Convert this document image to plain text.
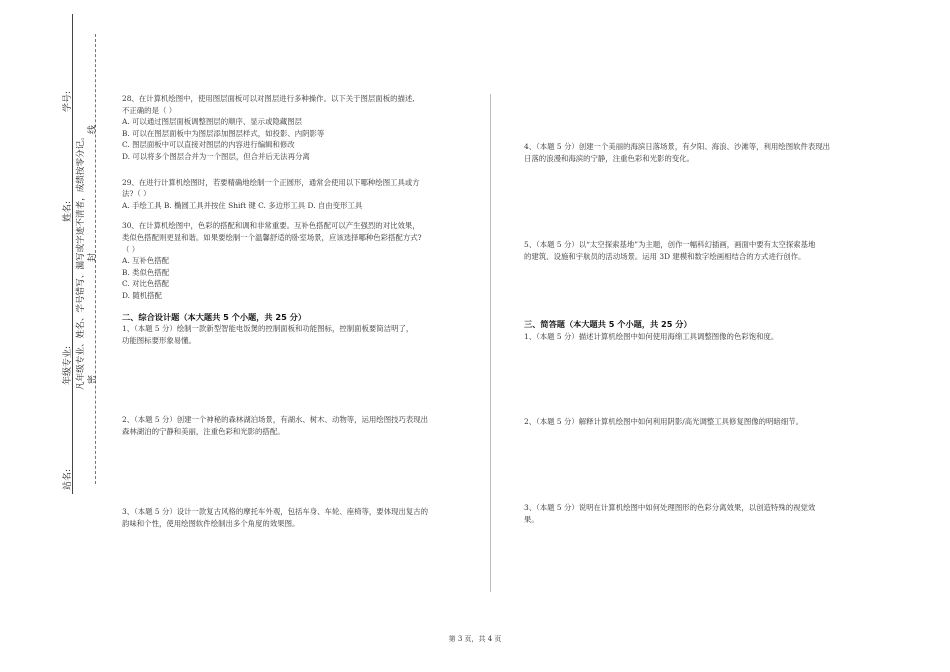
学号:
姓名:
年级专业:
站名:
凡年级专业、姓名、学号错写、漏写或字迹不清者，成绩按零分记。 封
线
密

28、在计算机绘图中，使用图层面板可以对图层进行多种操作。以下关于图层面板的描述,

不正确的是（ ）

A. 可以通过图层面板调整图层的顺序、显示或隐藏图层

B. 可以在图层面板中为图层添加图层样式，如投影、内阴影等

C. 图层面板中可以直接对图层的内容进行编辑和修改

D. 可以将多个图层合并为一个图层，但合并后无法再分离

29、在进行计算机绘图时，若要精确地绘制一个正圆形，通常会使用以下哪种绘图工具或方

法?（ ）

A. 手绘工具 B. 椭圆工具并按住 Shift 键 C. 多边形工具 D. 自由变形工具

30、在计算机绘图中，色彩的搭配和调和非常重要。互补色搭配可以产生强烈的对比效果，

类似色搭配则更显和谐。如果要绘制一个温馨舒适的卧室场景，应该选择哪种色彩搭配方式?

（ ）

A. 互补色搭配

B. 类似色搭配

C. 对比色搭配

D. 随机搭配

二、综合设计题（本大题共 5 个小题，共 25 分）

1、（本题 5 分）绘制一款新型智能电饭煲的控制面板和功能图标，控制面板要简洁明了，

功能图标要形象易懂。

2、（本题 5 分）创建一个神秘的森林湖泊场景，有湖水、树木、动物等，运用绘图技巧表现出

森林湖泊的宁静和美丽，注重色彩和光影的搭配。

3、（本题 5 分）设计一款复古风格的摩托车外观，包括车身、车轮、座椅等，要体现出复古的

韵味和个性，使用绘图软件绘制出多个角度的效果图。

4、（本题 5 分）创建一个美丽的海滨日落场景，有夕阳、海浪、沙滩等，利用绘图软件表现出

日落的浪漫和海滨的宁静，注重色彩和光影的变化。

5、（本题 5 分）以“太空探索基地”为主题，创作一幅科幻插画，画面中要有太空探索基地

的建筑、设施和宇航员的活动场景。运用 3D 建模和数字绘画相结合的方式进行创作。

三、简答题（本大题共 5 个小题，共 25 分）

1、（本题 5 分）描述计算机绘图中如何使用海绵工具调整图像的色彩饱和度。

2、（本题 5 分）解释计算机绘图中如何利用阴影/高光调整工具修复图像的明暗细节。

3、（本题 5 分）说明在计算机绘图中如何处理图形的色彩分离效果，以创造特殊的视觉效

果。

第 3 页，共 4 页
